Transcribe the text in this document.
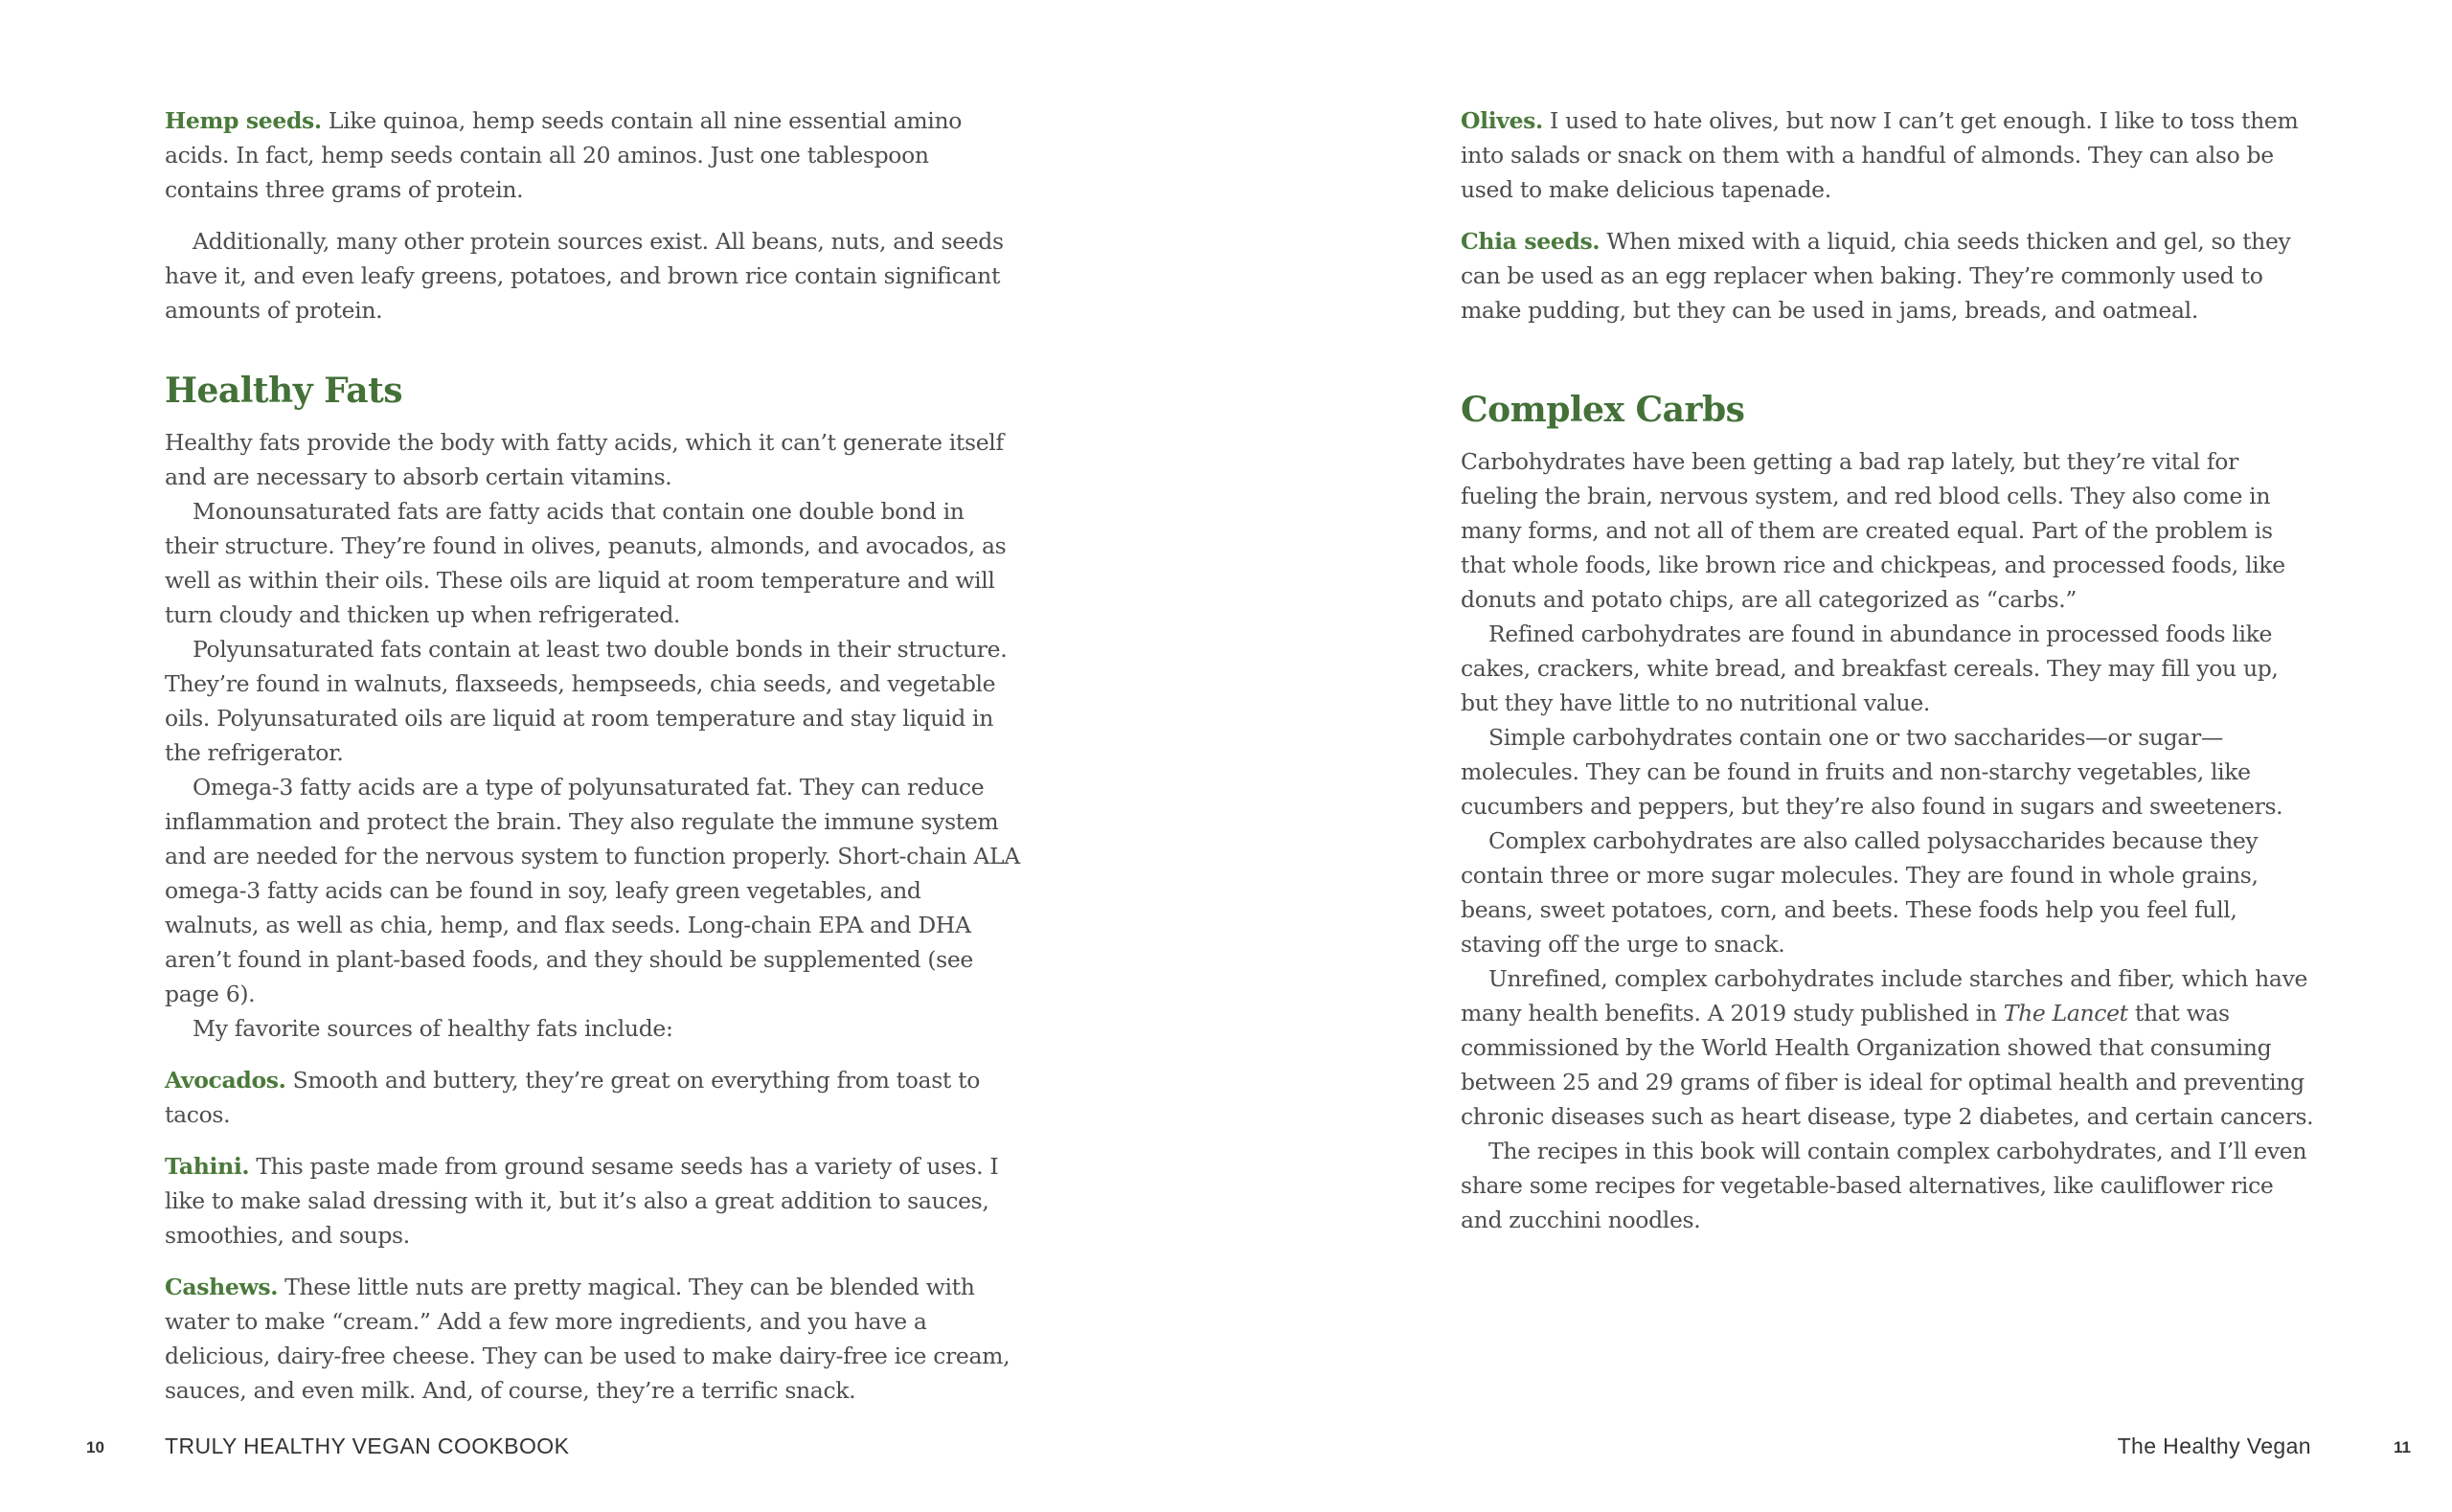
Hemp seeds. Like quinoa, hemp seeds contain all nine essential amino acids. In fact, hemp seeds contain all 20 aminos. Just one tablespoon contains three grams of protein.

Additionally, many other protein sources exist. All beans, nuts, and seeds have it, and even leafy greens, potatoes, and brown rice contain significant amounts of protein.

Healthy Fats

Healthy fats provide the body with fatty acids, which it can’t generate itself and are necessary to absorb certain vitamins.

Monounsaturated fats are fatty acids that contain one double bond in their structure. They’re found in olives, peanuts, almonds, and avocados, as well as within their oils. These oils are liquid at room temperature and will turn cloudy and thicken up when refrigerated.

Polyunsaturated fats contain at least two double bonds in their structure. They’re found in walnuts, flaxseeds, hempseeds, chia seeds, and vegetable oils. Polyunsaturated oils are liquid at room temperature and stay liquid in the refrigerator.

Omega-3 fatty acids are a type of polyunsaturated fat. They can reduce inflammation and protect the brain. They also regulate the immune system and are needed for the nervous system to function properly. Short-chain ALA omega-3 fatty acids can be found in soy, leafy green vegetables, and walnuts, as well as chia, hemp, and flax seeds. Long-chain EPA and DHA aren’t found in plant-based foods, and they should be supplemented (see page 6).

My favorite sources of healthy fats include:

Avocados. Smooth and buttery, they’re great on everything from toast to tacos.

Tahini. This paste made from ground sesame seeds has a variety of uses. I like to make salad dressing with it, but it’s also a great addition to sauces, smoothies, and soups.

Cashews. These little nuts are pretty magical. They can be blended with water to make “cream.” Add a few more ingredients, and you have a delicious, dairy-free cheese. They can be used to make dairy-free ice cream, sauces, and even milk. And, of course, they’re a terrific snack.

10	TRULY HEALTHY VEGAN COOKBOOK

Olives. I used to hate olives, but now I can’t get enough. I like to toss them into salads or snack on them with a handful of almonds. They can also be used to make delicious tapenade.

Chia seeds. When mixed with a liquid, chia seeds thicken and gel, so they can be used as an egg replacer when baking. They’re commonly used to make pudding, but they can be used in jams, breads, and oatmeal.

Complex Carbs

Carbohydrates have been getting a bad rap lately, but they’re vital for fueling the brain, nervous system, and red blood cells. They also come in many forms, and not all of them are created equal. Part of the problem is that whole foods, like brown rice and chickpeas, and processed foods, like donuts and potato chips, are all categorized as “carbs.”

Refined carbohydrates are found in abundance in processed foods like cakes, crackers, white bread, and breakfast cereals. They may fill you up, but they have little to no nutritional value.

Simple carbohydrates contain one or two saccharides—or sugar—molecules. They can be found in fruits and non-starchy vegetables, like cucumbers and peppers, but they’re also found in sugars and sweeteners.

Complex carbohydrates are also called polysaccharides because they contain three or more sugar molecules. They are found in whole grains, beans, sweet potatoes, corn, and beets. These foods help you feel full, staving off the urge to snack.

Unrefined, complex carbohydrates include starches and fiber, which have many health benefits. A 2019 study published in The Lancet that was commissioned by the World Health Organization showed that consuming between 25 and 29 grams of fiber is ideal for optimal health and preventing chronic diseases such as heart disease, type 2 diabetes, and certain cancers.

The recipes in this book will contain complex carbohydrates, and I’ll even share some recipes for vegetable-based alternatives, like cauliflower rice and zucchini noodles.

The Healthy Vegan	11
